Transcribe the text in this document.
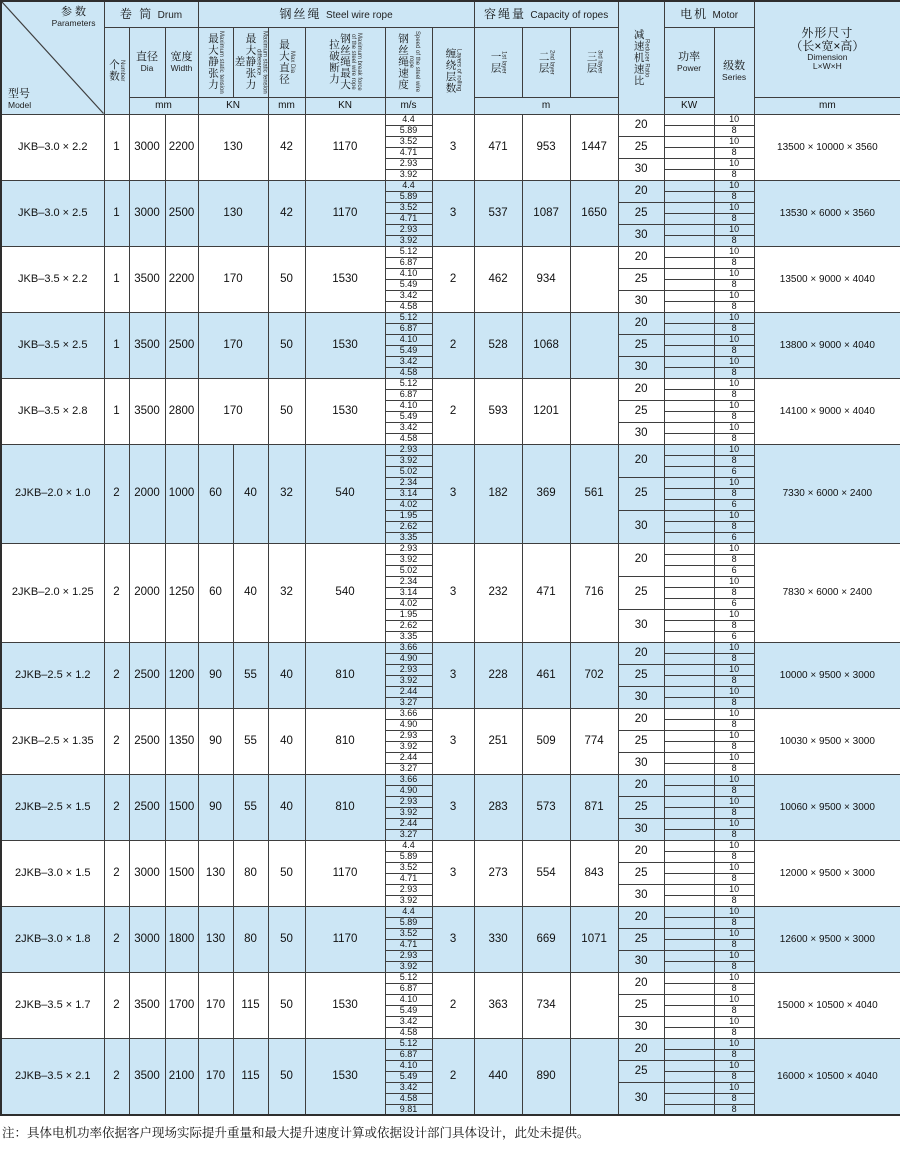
参 数
Parameters
型号
Model	卷 筒 Drum			钢丝绳 Steel wire rope						容绳量 Capacity of ropes			减速机速比 Reducer Ratio	电机 Motor		外形尺寸
（长×宽×高）
Dimension
L×W×H

	个数 Number	直径
Dia	宽度
Width	最大静张力 Maximum static tension	最大静张力差 Maximum static tension difference	最大直径 Max Dia	钢丝绳最大拉破断力 Maximum break force of the steel wire rope	钢丝绳速度 Speed of the steel wire rope	缠绕层数 Layers of rolling	一层 1st layer	二层 2nd layer	三层 3rd layer		功率
Power	级数
Series	

		mm		KN		mm	KN	m/s		m				KW		mm
JKB–3.0 × 2.2	1	3000	2200	130		42	1170	4.4	3	471	953	1447	20		10	13500 × 10000 × 3560
								5.89							8	
								3.52					25		10	
								4.71							8	
								2.93					30		10	
								3.92							8	
JKB–3.0 × 2.5	1	3000	2500	130		42	1170	4.4	3	537	1087	1650	20		10	13530 × 6000 × 3560
								5.89							8	
								3.52					25		10	
								4.71							8	
								2.93					30		10	
								3.92							8	
JKB–3.5 × 2.2	1	3500	2200	170		50	1530	5.12	2	462	934		20		10	13500 × 9000 × 4040
								6.87							8	
								4.10					25		10	
								5.49							8	
								3.42					30		10	
								4.58							8	
JKB–3.5 × 2.5	1	3500	2500	170		50	1530	5.12	2	528	1068		20		10	13800 × 9000 × 4040
								6.87							8	
								4.10					25		10	
								5.49							8	
								3.42					30		10	
								4.58							8	
JKB–3.5 × 2.8	1	3500	2800	170		50	1530	5.12	2	593	1201		20		10	14100 × 9000 × 4040
								6.87							8	
								4.10					25		10	
								5.49							8	
								3.42					30		10	
								4.58							8	
2JKB–2.0 × 1.0	2	2000	1000	60	40	32	540	2.93	3	182	369	561	20		10	7330 × 6000 × 2400
								3.92							8	
								5.02							6	
								2.34					25		10	
								3.14							8	
								4.02							6	
								1.95					30		10	
								2.62							8	
								3.35							6	
2JKB–2.0 × 1.25	2	2000	1250	60	40	32	540	2.93	3	232	471	716	20		10	7830 × 6000 × 2400
								3.92							8	
								5.02							6	
								2.34					25		10	
								3.14							8	
								4.02							6	
								1.95					30		10	
								2.62							8	
								3.35							6	
2JKB–2.5 × 1.2	2	2500	1200	90	55	40	810	3.66	3	228	461	702	20		10	10000 × 9500 × 3000
								4.90							8	
								2.93					25		10	
								3.92							8	
								2.44					30		10	
								3.27							8	
2JKB–2.5 × 1.35	2	2500	1350	90	55	40	810	3.66	3	251	509	774	20		10	10030 × 9500 × 3000
								4.90							8	
								2.93					25		10	
								3.92							8	
								2.44					30		10	
								3.27							8	
2JKB–2.5 × 1.5	2	2500	1500	90	55	40	810	3.66	3	283	573	871	20		10	10060 × 9500 × 3000
								4.90							8	
								2.93					25		10	
								3.92							8	
								2.44					30		10	
								3.27							8	
2JKB–3.0 × 1.5	2	3000	1500	130	80	50	1170	4.4	3	273	554	843	20		10	12000 × 9500 × 3000
								5.89							8	
								3.52					25		10	
								4.71							8	
								2.93					30		10	
								3.92							8	
2JKB–3.0 × 1.8	2	3000	1800	130	80	50	1170	4.4	3	330	669	1071	20		10	12600 × 9500 × 3000
								5.89							8	
								3.52					25		10	
								4.71							8	
								2.93					30		10	
								3.92							8	
2JKB–3.5 × 1.7	2	3500	1700	170	115	50	1530	5.12	2	363	734		20		10	15000 × 10500 × 4040
								6.87							8	
								4.10					25		10	
								5.49							8	
								3.42					30		10	
								4.58							8	
2JKB–3.5 × 2.1	2	3500	2100	170	115	50	1530	5.12	2	440	890		20		10	16000 × 10500 × 4040
								6.87							8	
								4.10					25		10	
								5.49							8	
								3.42					30		10	
								4.58							8	
								9.81							8	
注：具体电机功率依据客户现场实际提升重量和最大提升速度计算或依据设计部门具体设计，此处未提供。
